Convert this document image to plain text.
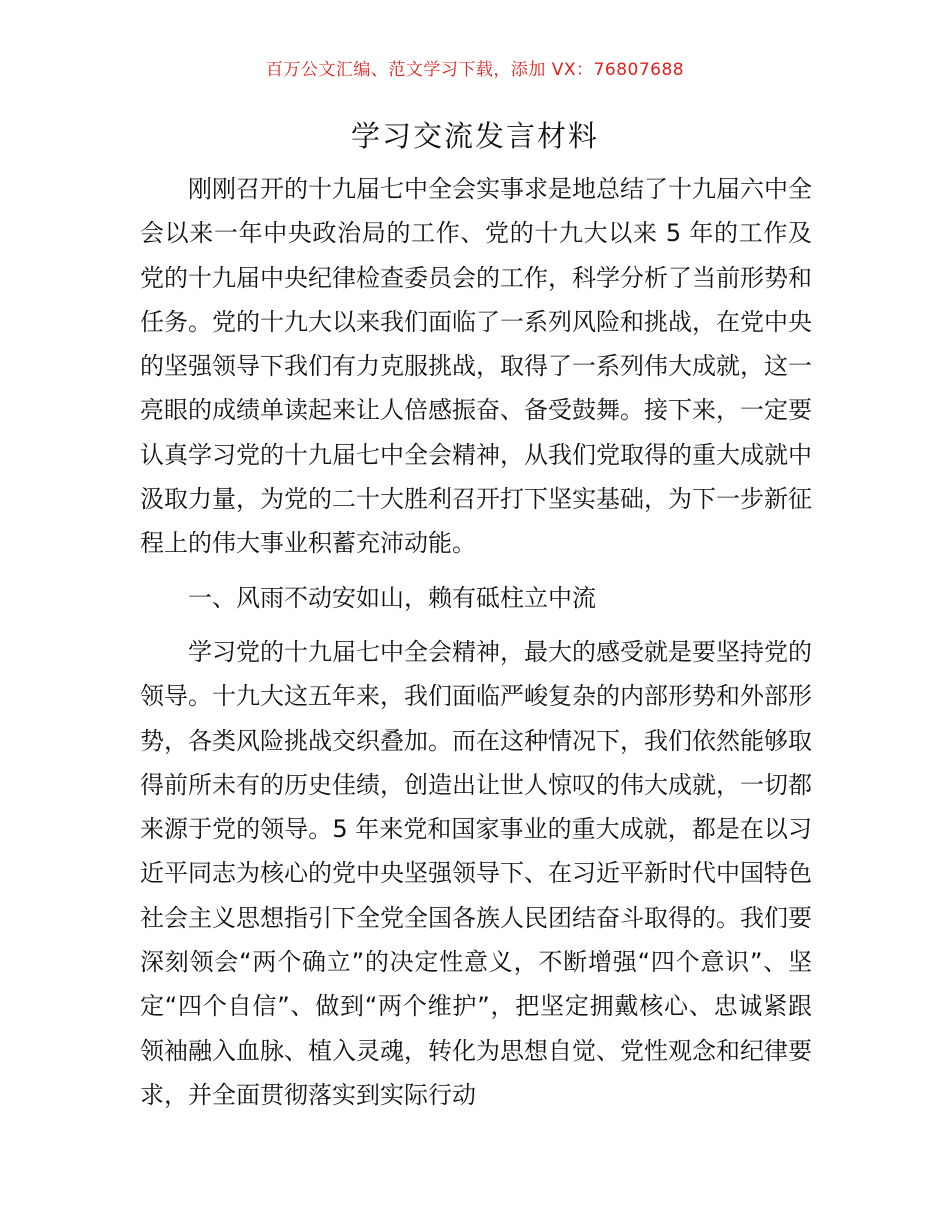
百万公文汇编、范文学习下载，添加 VX：76807688
学习交流发言材料

刚刚召开的十九届七中全会实事求是地总结了十九届六中全会以来一年中央政治局的工作、党的十九大以来 5 年的工作及党的十九届中央纪律检查委员会的工作，科学分析了当前形势和任务。党的十九大以来我们面临了一系列风险和挑战，在党中央的坚强领导下我们有力克服挑战，取得了一系列伟大成就，这一亮眼的成绩单读起来让人倍感振奋、备受鼓舞。接下来，一定要认真学习党的十九届七中全会精神，从我们党取得的重大成就中汲取力量，为党的二十大胜利召开打下坚实基础，为下一步新征程上的伟大事业积蓄充沛动能。

一、风雨不动安如山，赖有砥柱立中流

学习党的十九届七中全会精神，最大的感受就是要坚持党的领导。十九大这五年来，我们面临严峻复杂的内部形势和外部形势，各类风险挑战交织叠加。而在这种情况下，我们依然能够取得前所未有的历史佳绩，创造出让世人惊叹的伟大成就，一切都来源于党的领导。5 年来党和国家事业的重大成就，都是在以习近平同志为核心的党中央坚强领导下、在习近平新时代中国特色社会主义思想指引下全党全国各族人民团结奋斗取得的。我们要深刻领会“两个确立”的决定性意义，不断增强“四个意识”、坚定“四个自信”、做到“两个维护”，把坚定拥戴核心、忠诚紧跟领袖融入血脉、植入灵魂，转化为思想自觉、党性观念和纪律要求，并全面贯彻落实到实际行动
